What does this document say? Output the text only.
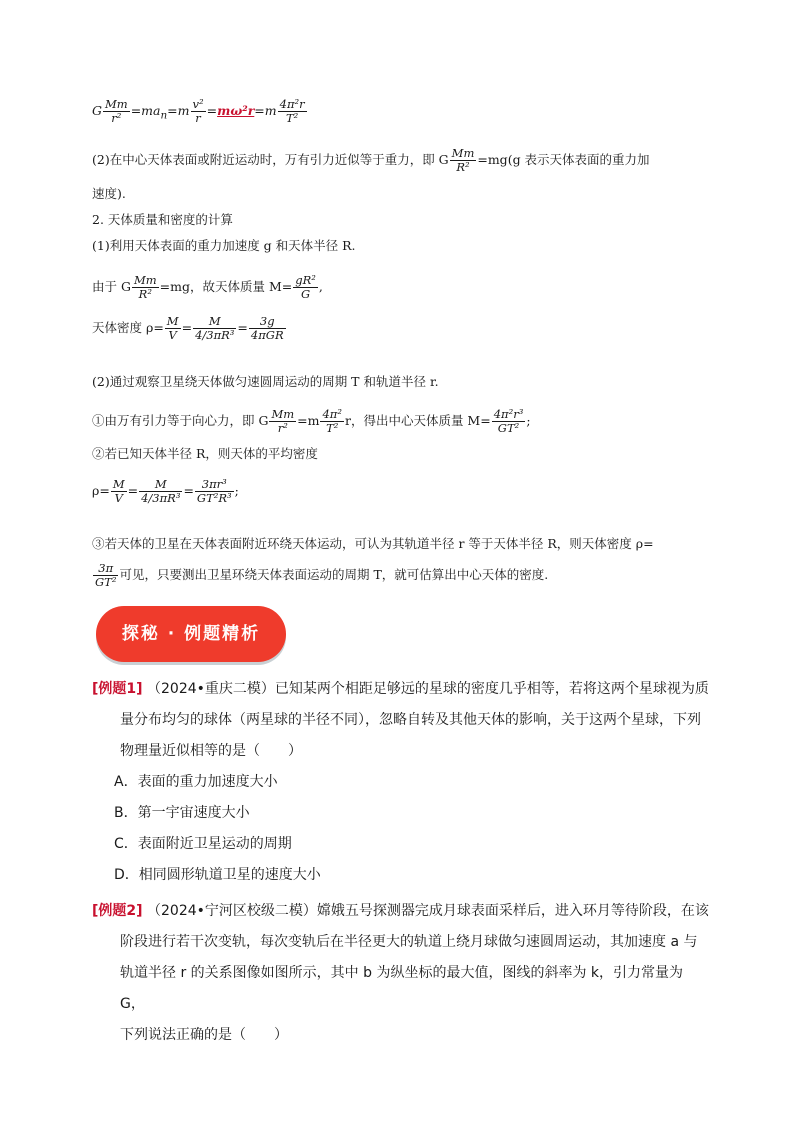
G $\frac{Mm}{\text{r²}} =ma_n=m \frac{\text{v²}}{r} =m\omega^2r=m \frac{\text{4π²r}}{\text{T²}}$
(2)在中心天体表面或附近运动时，万有引力近似等于重力，即 G $\frac{Mm}{\text{R²}} =mg(g$ 表示天体表面的重力加
速度).
2. 天体质量和密度的计算
(1)利用天体表面的重力加速度 g 和天体半径 R.
由于 G $\frac{Mm}{\text{R²}} =mg$，故天体质量 $M= \frac{\text{gR²}}{G}$ ,
天体密度 $\rho= \frac{M}{V} = \frac{M}{\text{4/3πR³}}$ =	3g
4πGR
(2)通过观察卫星绕天体做匀速圆周运动的周期 T 和轨道半径 r.
①由万有引力等于向心力，即 G $\frac{Mm}{\text{r²}} =m \frac{\text{4π²}}{\text{T²}}$ r，得出中心天体质量 $M= \frac{\text{4π²r³}}{\text{GT²}}$ ;
②若已知天体半径 R，则天体的平均密度
$\rho= \frac{M}{V} = \frac{M}{\text{4/3πR³}} = \frac{\text{3πr³}}{\text{GT²R³}}$ ;
③若天体的卫星在天体表面附近环绕天体运动，可认为其轨道半径 r 等于天体半径 R，则天体密度 ρ=
$\frac{3\pi}{\text{GT²}}$ 可见，只要测出卫星环绕天体表面运动的周期 T，就可估算出中心天体的密度.
探秘 · 例题精析
[例题1] （2024•重庆二模）已知某两个相距足够远的星球的密度几乎相等，若将这两个星球视为质
量分布均匀的球体（两星球的半径不同），忽略自转及其他天体的影响，关于这两个星球，下列
物理量近似相等的是（　　）
A．表面的重力加速度大小
B．第一宇宙速度大小
C．表面附近卫星运动的周期
D．相同圆形轨道卫星的速度大小
[例题2] （2024•宁河区校级二模）嫦娥五号探测器完成月球表面采样后，进入环月等待阶段，在该
阶段进行若干次变轨，每次变轨后在半径更大的轨道上绕月球做匀速圆周运动，其加速度 a 与
轨道半径 r 的关系图像如图所示，其中 b 为纵坐标的最大值，图线的斜率为 k，引力常量为 G，
下列说法正确的是（　　）
